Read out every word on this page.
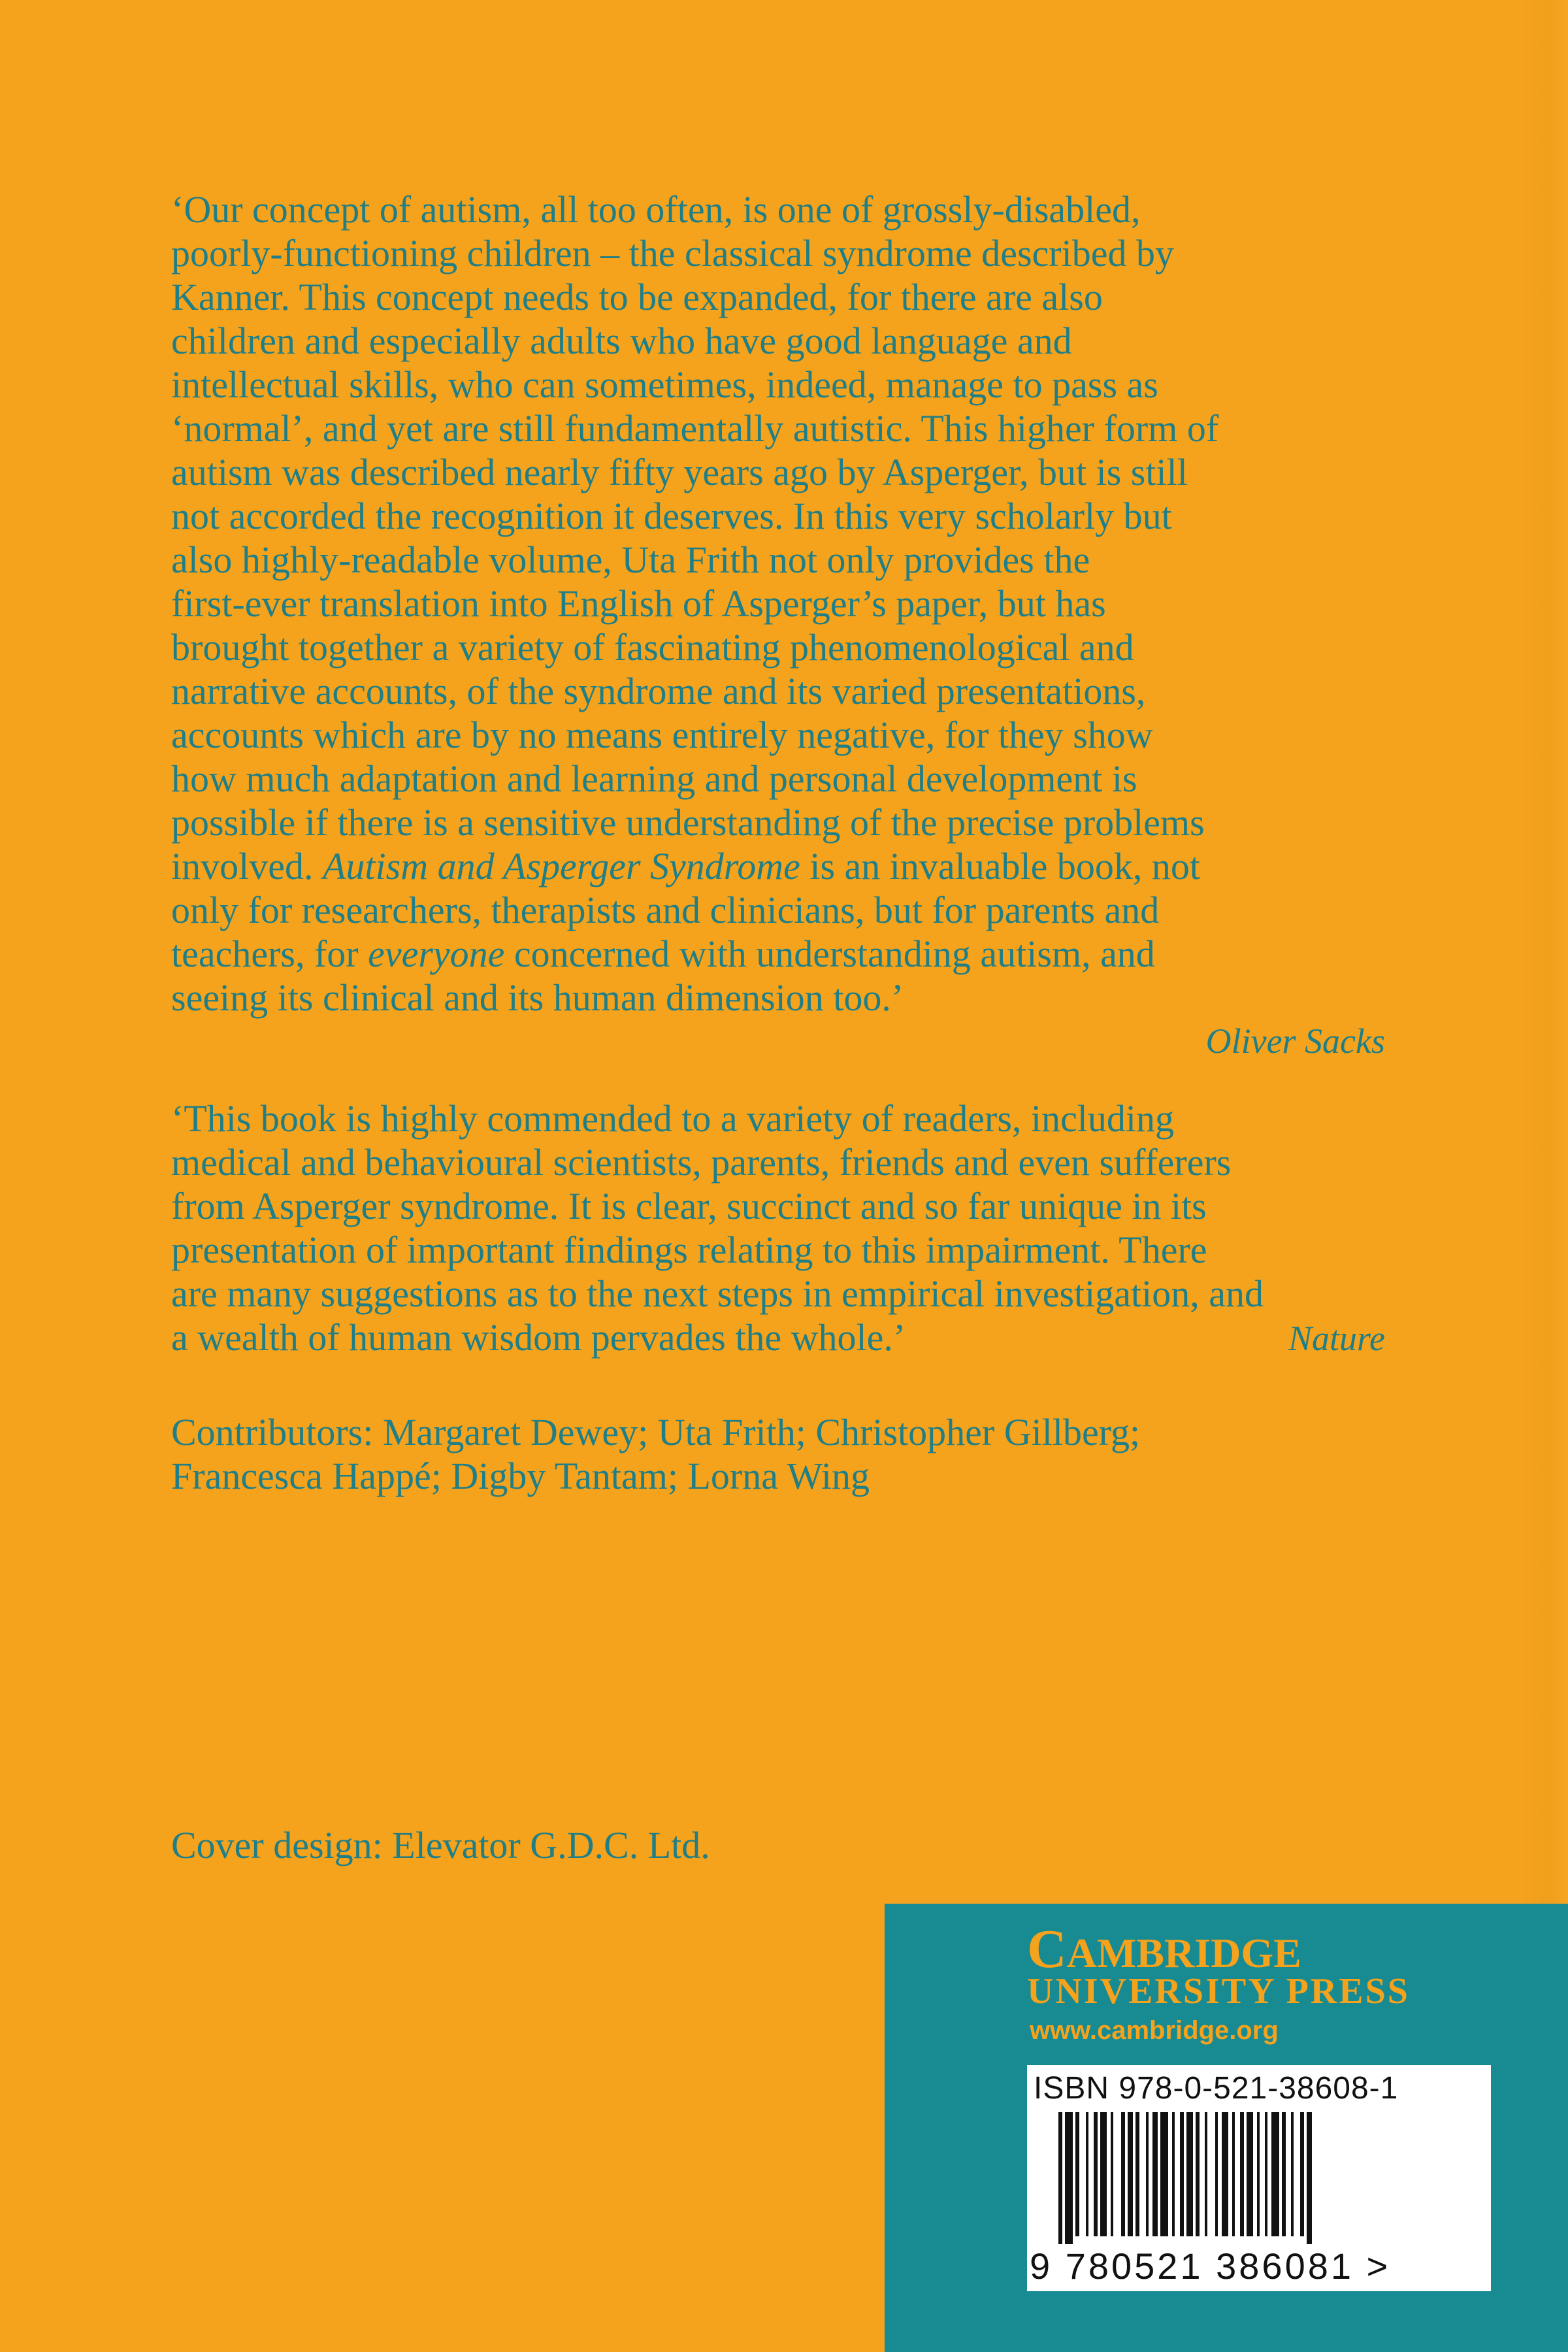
‘Our concept of autism, all too often, is one of grossly-disabled,
poorly-functioning children – the classical syndrome described by
Kanner. This concept needs to be expanded, for there are also
children and especially adults who have good language and
intellectual skills, who can sometimes, indeed, manage to pass as
‘normal’, and yet are still fundamentally autistic. This higher form of
autism was described nearly fifty years ago by Asperger, but is still
not accorded the recognition it deserves. In this very scholarly but
also highly-readable volume, Uta Frith not only provides the
first-ever translation into English of Asperger’s paper, but has
brought together a variety of fascinating phenomenological and
narrative accounts, of the syndrome and its varied presentations,
accounts which are by no means entirely negative, for they show
how much adaptation and learning and personal development is
possible if there is a sensitive understanding of the precise problems
involved. Autism and Asperger Syndrome is an invaluable book, not
only for researchers, therapists and clinicians, but for parents and
teachers, for everyone concerned with understanding autism, and
seeing its clinical and its human dimension too.’

Oliver Sacks

‘This book is highly commended to a variety of readers, including
medical and behavioural scientists, parents, friends and even sufferers
from Asperger syndrome. It is clear, succinct and so far unique in its
presentation of important findings relating to this impairment. There
are many suggestions as to the next steps in empirical investigation, and

a wealth of human wisdom pervades the whole.’	Nature
Contributors: Margaret Dewey; Uta Frith; Christopher Gillberg;
Francesca Happé; Digby Tantam; Lorna Wing
Cover design: Elevator G.D.C. Ltd.
CAMBRIDGE
UNIVERSITY PRESS
www.cambridge.org
ISBN 978-0-521-38608-1
9 780521 386081 >
